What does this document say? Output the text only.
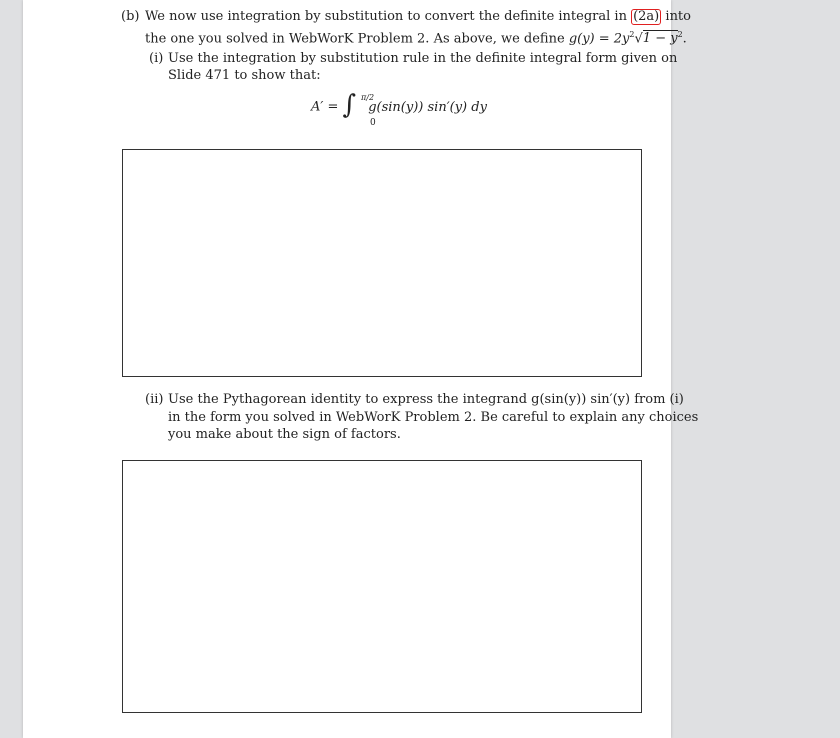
(b) We now use integration by substitution to convert the definite integral in (2a) into
the one you solved in WebWorK Problem 2. As above, we define $g(y) = 2y^2√1 - y^2$.
(i) Use the integration by substitution rule in the definite integral form given on
Slide 471 to show that:
A′ = ∫ g(sin(y)) sin′(y) dy
π/2
0
(ii) Use the Pythagorean identity to express the integrand g(sin(y)) sin′(y) from (i)
in the form you solved in WebWorK Problem 2. Be careful to explain any choices
you make about the sign of factors.
